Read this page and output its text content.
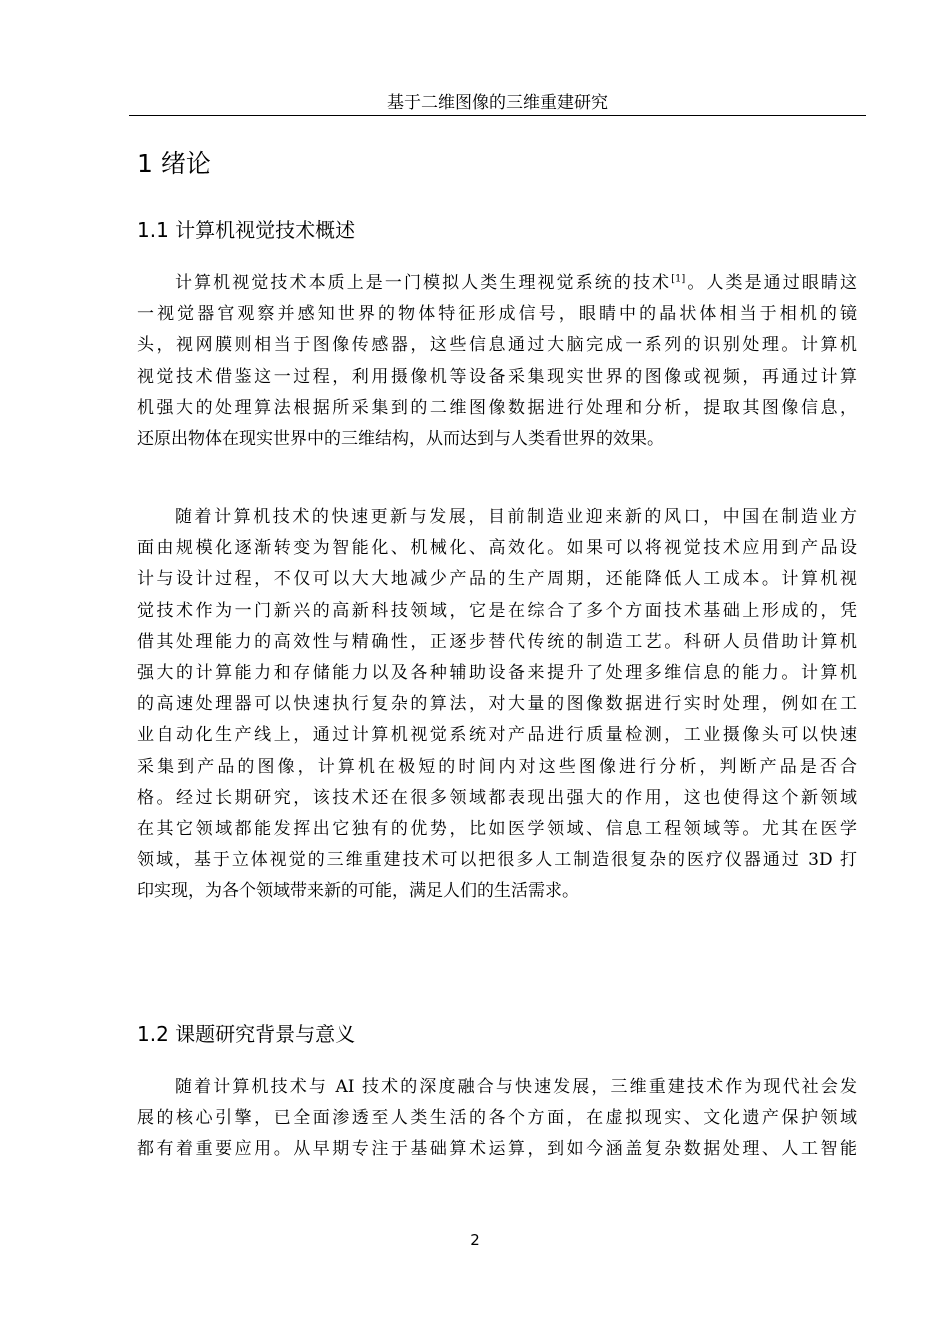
基于二维图像的三维重建研究
1 绪论
1.1 计算机视觉技术概述
计算机视觉技术本质上是一门模拟人类生理视觉系统的技术[1]。人类是通过眼睛这
一视觉器官观察并感知世界的物体特征形成信号，眼睛中的晶状体相当于相机的镜
头，视网膜则相当于图像传感器，这些信息通过大脑完成一系列的识别处理。计算机
视觉技术借鉴这一过程，利用摄像机等设备采集现实世界的图像或视频，再通过计算
机强大的处理算法根据所采集到的二维图像数据进行处理和分析，提取其图像信息，
还原出物体在现实世界中的三维结构，从而达到与人类看世界的效果。
随着计算机技术的快速更新与发展，目前制造业迎来新的风口，中国在制造业方
面由规模化逐渐转变为智能化、机械化、高效化。如果可以将视觉技术应用到产品设
计与设计过程，不仅可以大大地减少产品的生产周期，还能降低人工成本。计算机视
觉技术作为一门新兴的高新科技领域，它是在综合了多个方面技术基础上形成的，凭
借其处理能力的高效性与精确性，正逐步替代传统的制造工艺。科研人员借助计算机
强大的计算能力和存储能力以及各种辅助设备来提升了处理多维信息的能力。计算机
的高速处理器可以快速执行复杂的算法，对大量的图像数据进行实时处理，例如在工
业自动化生产线上，通过计算机视觉系统对产品进行质量检测，工业摄像头可以快速
采集到产品的图像，计算机在极短的时间内对这些图像进行分析，判断产品是否合
格。经过长期研究，该技术还在很多领域都表现出强大的作用，这也使得这个新领域
在其它领域都能发挥出它独有的优势，比如医学领域、信息工程领域等。尤其在医学
领域，基于立体视觉的三维重建技术可以把很多人工制造很复杂的医疗仪器通过 3D 打
印实现，为各个领域带来新的可能，满足人们的生活需求。
1.2 课题研究背景与意义
随着计算机技术与 AI 技术的深度融合与快速发展，三维重建技术作为现代社会发
展的核心引擎，已全面渗透至人类生活的各个方面，在虚拟现实、文化遗产保护领域
都有着重要应用。从早期专注于基础算术运算，到如今涵盖复杂数据处理、人工智能
2
